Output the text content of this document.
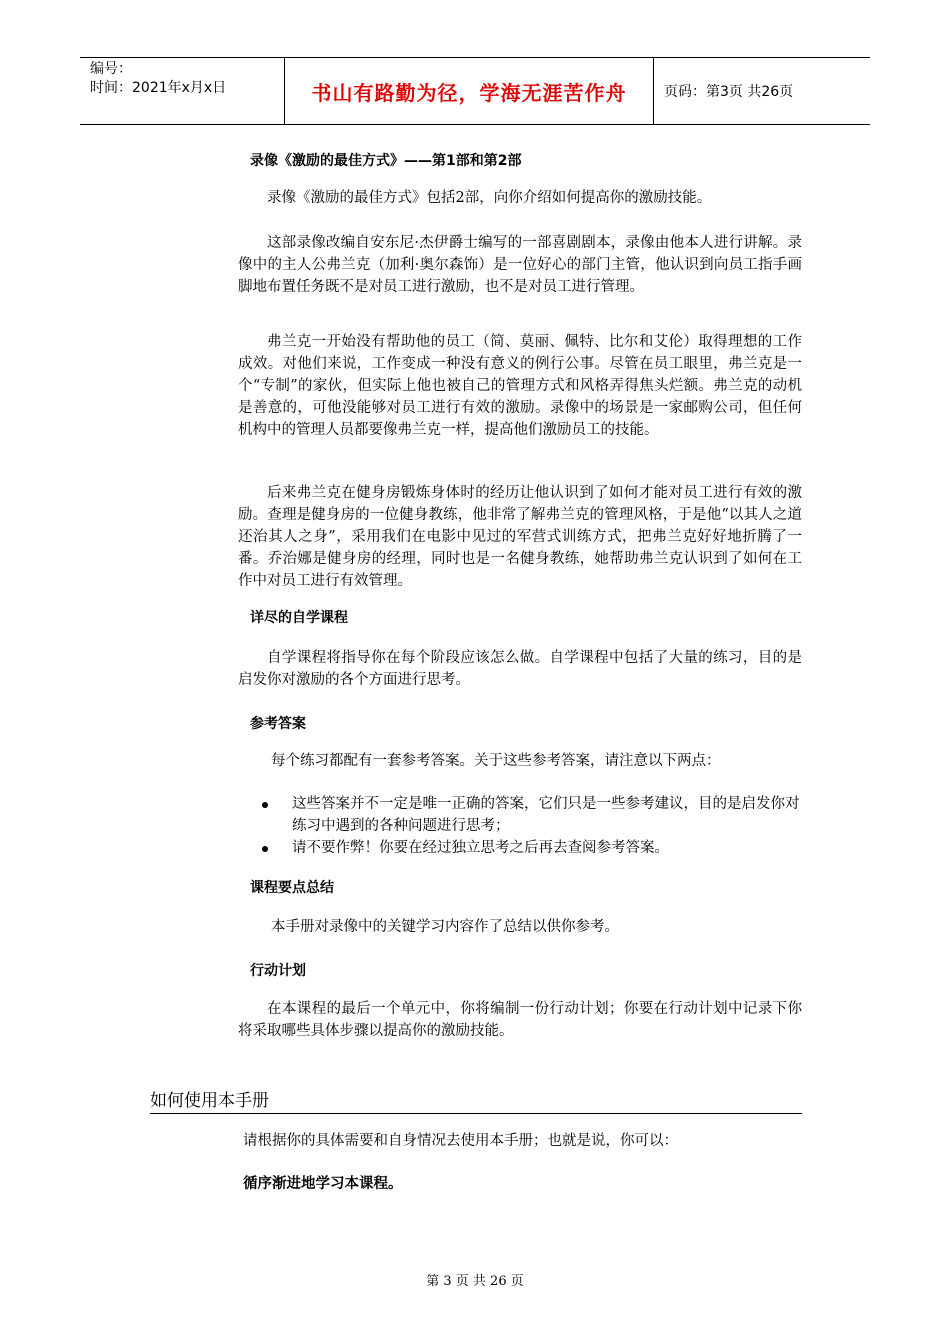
编号：
时间：2021年x月x日	书山有路勤为径，学海无涯苦作舟	页码：第3页 共26页
录像《激励的最佳方式》——第1部和第2部

录像《激励的最佳方式》包括2部，向你介绍如何提高你的激励技能。

这部录像改编自安东尼·杰伊爵士编写的一部喜剧剧本，录像由他本人进行讲解。录像中的主人公弗兰克（加利·奥尔森饰）是一位好心的部门主管，他认识到向员工指手画脚地布置任务既不是对员工进行激励，也不是对员工进行管理。

弗兰克一开始没有帮助他的员工（简、莫丽、佩特、比尔和艾伦）取得理想的工作成效。对他们来说，工作变成一种没有意义的例行公事。尽管在员工眼里，弗兰克是一个“专制”的家伙，但实际上他也被自己的管理方式和风格弄得焦头烂额。弗兰克的动机是善意的，可他没能够对员工进行有效的激励。录像中的场景是一家邮购公司，但任何机构中的管理人员都要像弗兰克一样，提高他们激励员工的技能。

后来弗兰克在健身房锻炼身体时的经历让他认识到了如何才能对员工进行有效的激励。查理是健身房的一位健身教练，他非常了解弗兰克的管理风格，于是他“以其人之道还治其人之身”，采用我们在电影中见过的军营式训练方式，把弗兰克好好地折腾了一番。乔治娜是健身房的经理，同时也是一名健身教练，她帮助弗兰克认识到了如何在工作中对员工进行有效管理。

详尽的自学课程

自学课程将指导你在每个阶段应该怎么做。自学课程中包括了大量的练习，目的是启发你对激励的各个方面进行思考。

参考答案

每个练习都配有一套参考答案。关于这些参考答案，请注意以下两点：

这些答案并不一定是唯一正确的答案，它们只是一些参考建议，目的是启发你对练习中遇到的各种问题进行思考；
请不要作弊！你要在经过独立思考之后再去查阅参考答案。
课程要点总结

本手册对录像中的关键学习内容作了总结以供你参考。

行动计划

在本课程的最后一个单元中，你将编制一份行动计划；你要在行动计划中记录下你将采取哪些具体步骤以提高你的激励技能。

如何使用本手册
请根据你的具体需要和自身情况去使用本手册；也就是说，你可以：
循序渐进地学习本课程。
第 3 页 共 26 页
